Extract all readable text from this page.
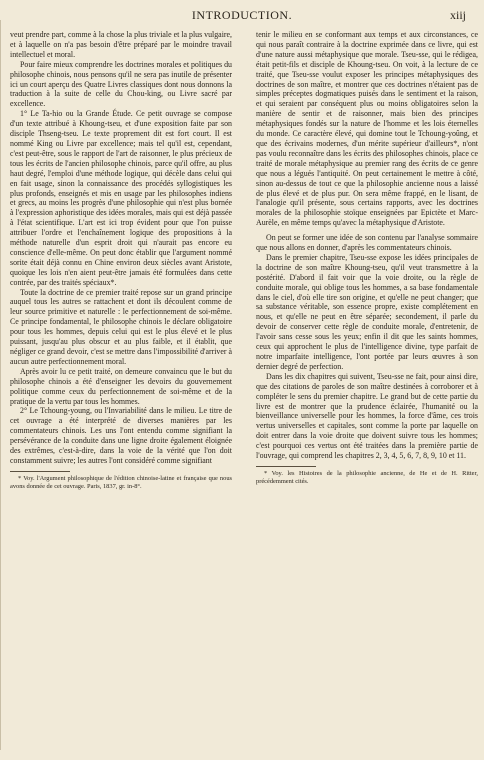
INTRODUCTION.	xiij

veut prendre part, comme à la chose la plus triviale et la plus vulgaire, et à laquelle on n'a pas besoin d'être préparé par le moindre travail intellectuel et moral.

Pour faire mieux comprendre les doctrines morales et politiques du philosophe chinois, nous pensons qu'il ne sera pas inutile de présenter ici un court aperçu des Quatre Livres classiques dont nous donnons la traduction à la suite de celle du Chou-king, ou Livre sacré par excellence.

1° Le Ta-hio ou la Grande Étude. Ce petit ouvrage se compose d'un texte attribué à Khoung-tseu, et d'une exposition faite par son disciple Thseng-tseu. Le texte proprement dit est fort court. Il est nommé King ou Livre par excellence; mais tel qu'il est, cependant, c'est peut-être, sous le rapport de l'art de raisonner, le plus précieux de tous les écrits de l'ancien philosophe chinois, parce qu'il offre, au plus haut degré, l'emploi d'une méthode logique, qui décèle dans celui qui en fait usage, sinon la connaissance des procédés syllogistiques les plus profonds, enseignés et mis en usage par les philosophes indiens et grecs, au moins les progrès d'une philosophie qui n'est plus bornée à l'expression aphoristique des idées morales, mais qui est déjà passée à l'état scientifique. L'art est ici trop évident pour que l'on puisse attribuer l'ordre et l'enchaînement logique des propositions à la méthode naturelle d'un esprit droit qui n'aurait pas encore eu conscience d'elle-même. On peut donc établir que l'argument nommé sorite était déjà connu en Chine environ deux siècles avant Aristote, quoique les lois n'en aient peut-être jamais été formulées dans cette contrée, par des traités spéciaux*.

Toute la doctrine de ce premier traité repose sur un grand principe auquel tous les autres se rattachent et dont ils découlent comme de leur source primitive et naturelle : le perfectionnement de soi-même. Ce principe fondamental, le philosophe chinois le déclare obligatoire pour tous les hommes, depuis celui qui est le plus élevé et le plus puissant, jusqu'au plus obscur et au plus faible, et il établit, que négliger ce grand devoir, c'est se mettre dans l'impossibilité d'arriver à aucun autre perfectionnement moral.

Après avoir lu ce petit traité, on demeure convaincu que le but du philosophe chinois a été d'enseigner les devoirs du gouvernement politique comme ceux du perfectionnement de soi-même et de la pratique de la vertu par tous les hommes.

2° Le Tchoung-young, ou l'Invariabilité dans le milieu. Le titre de cet ouvrage a été interprété de diverses manières par les commentateurs chinois. Les uns l'ont entendu comme signifiant la persévérance de la conduite dans une ligne droite également éloignée des extrêmes, c'est-à-dire, dans la voie de la vérité que l'on doit constamment suivre; les autres l'ont considéré comme signifiant

* Voy. l'Argument philosophique de l'édition chinoise-latine et française que nous avons donnée de cet ouvrage. Paris, 1837, gr. in-8°.

tenir le milieu en se conformant aux temps et aux circonstances, ce qui nous paraît contraire à la doctrine exprimée dans ce livre, qui est d'une nature aussi métaphysique que morale. Tseu-sse, qui le rédigea, était petit-fils et disciple de Khoung-tseu. On voit, à la lecture de ce traité, que Tseu-sse voulut exposer les principes métaphysiques des doctrines de son maître, et montrer que ces doctrines n'étaient pas de simples préceptes dogmatiques puisés dans le sentiment et la raison, et qui seraient par conséquent plus ou moins obligatoires selon la manière de sentir et de raisonner, mais bien des principes métaphysiques fondés sur la nature de l'homme et les lois éternelles du monde. Ce caractère élevé, qui domine tout le Tchoung-yoûng, et que des écrivains modernes, d'un mérite supérieur d'ailleurs*, n'ont pas voulu reconnaître dans les écrits des philosophes chinois, place ce traité de morale métaphysique au premier rang des écrits de ce genre que nous a légués l'antiquité. On peut certainement le mettre à côté, sinon au-dessus de tout ce que la philosophie ancienne nous a laissé de plus élevé et de plus pur. On sera même frappé, en le lisant, de l'analogie qu'il présente, sous certains rapports, avec les doctrines morales de la philosophie stoïque enseignées par Epictète et Marc-Aurèle, en même temps qu'avec la métaphysique d'Aristote.

On peut se former une idée de son contenu par l'analyse sommaire que nous allons en donner, d'après les commentateurs chinois.

Dans le premier chapitre, Tseu-sse expose les idées principales de la doctrine de son maître Khoung-tseu, qu'il veut transmettre à la postérité. D'abord il fait voir que la voie droite, ou la règle de conduite morale, qui oblige tous les hommes, a sa base fondamentale dans le ciel, d'où elle tire son origine, et qu'elle ne peut changer; que sa substance véritable, son essence propre, existe complétement en nous, et qu'elle ne peut en être séparée; secondement, il parle du devoir de conserver cette règle de conduite morale, d'entretenir, de l'avoir sans cesse sous les yeux; enfin il dit que les saints hommes, ceux qui approchent le plus de l'intelligence divine, type parfait de notre imparfaite intelligence, l'ont portée par leurs œuvres à son dernier degré de perfection.

Dans les dix chapitres qui suivent, Tseu-sse ne fait, pour ainsi dire, que des citations de paroles de son maître destinées à corroborer et à compléter le sens du premier chapitre. Le grand but de cette partie du livre est de montrer que la prudence éclairée, l'humanité ou la bienveillance universelle pour les hommes, la force d'âme, ces trois vertus universelles et capitales, sont comme la porte par laquelle on doit entrer dans la voie droite que doivent suivre tous les hommes; c'est pourquoi ces vertus ont été traitées dans la première partie de l'ouvrage, qui comprend les chapitres 2, 3, 4, 5, 6, 7, 8, 9, 10 et 11.

* Voy. les Histoires de la philosophie ancienne, de He et de H. Ritter, précédemment cités.
